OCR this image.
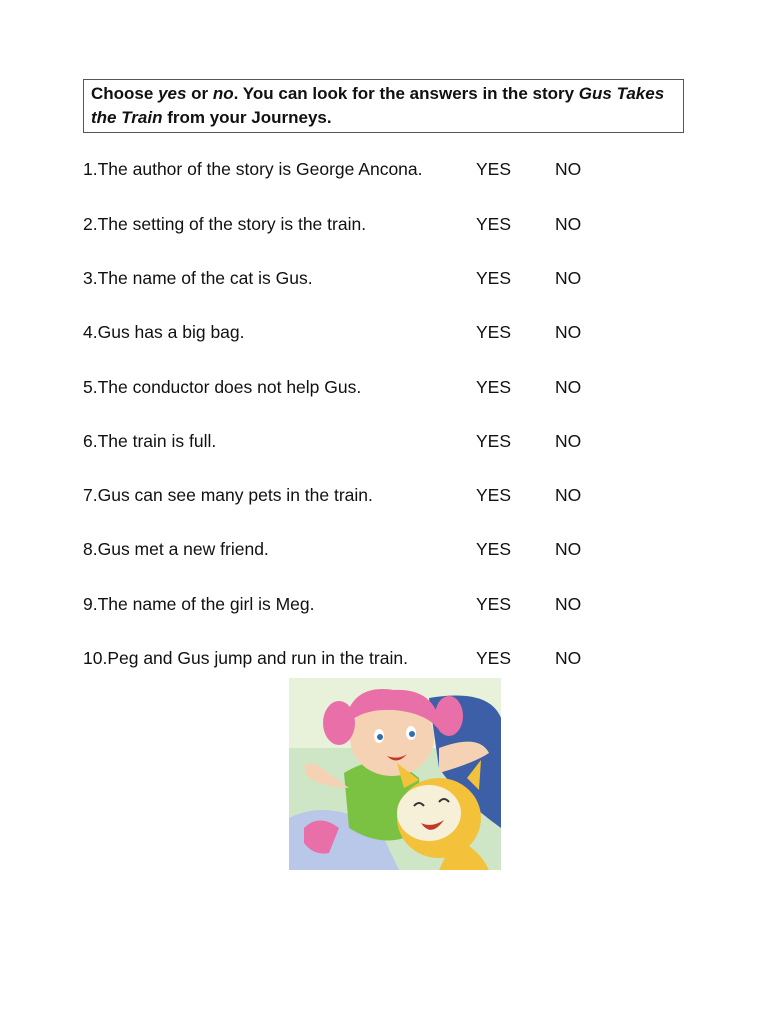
Choose yes or no. You can look for the answers in the story Gus Takes the Train from your Journeys.
1.The author of the story is George Ancona.	YES	NO
2.The setting of the story is the train.	YES	NO
3.The name of the cat is Gus.	YES	NO
4.Gus has a big bag.	YES	NO
5.The conductor does not help Gus.	YES	NO
6.The train is full.	YES	NO
7.Gus can see many pets in the train.	YES	NO
8.Gus met a new friend.	YES	NO
9.The name of the girl is Meg.	YES	NO
10.Peg and Gus jump and run in the train.	YES	NO
